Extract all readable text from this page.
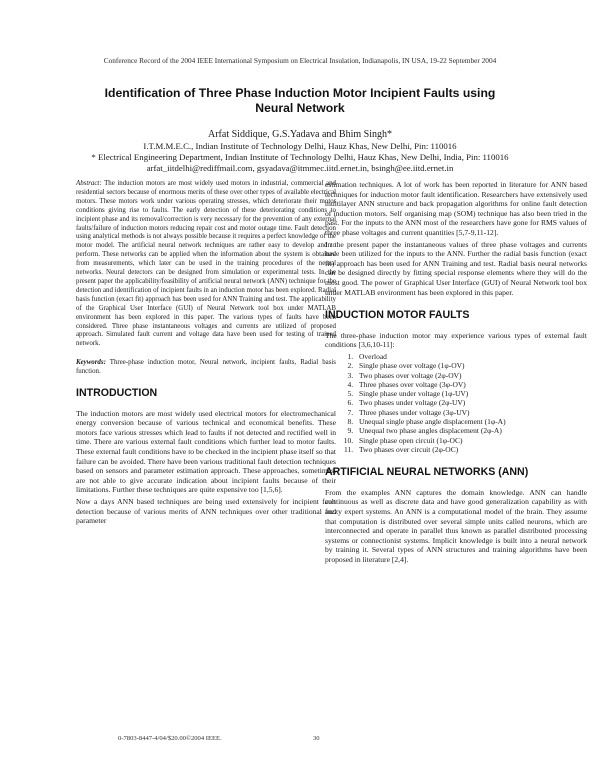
Conference Record of the 2004 IEEE International Symposium on Electrical Insulation, Indianapolis, IN USA, 19-22 September 2004
Identification of Three Phase Induction Motor Incipient Faults using Neural Network
Arfat Siddique, G.S.Yadava and Bhim Singh*
I.T.M.M.E.C., Indian Institute of Technology Delhi, Hauz Khas, New Delhi, Pin: 110016
* Electrical Engineering Department, Indian Institute of Technology Delhi, Hauz Khas, New Delhi, India, Pin: 110016
arfat_iitdelhi@rediffmail.com, gsyadava@itmmec.iitd.ernet.in, bsingh@ee.iitd.ernet.in

Abstract: The induction motors are most widely used motors in industrial, commercial and residential sectors because of enormous merits of these over other types of available electrical motors. These motors work under various operating stresses, which deteriorate their motor conditions giving rise to faults. The early detection of these deteriorating conditions to incipient phase and its removal/correction is very necessary for the prevention of any external faults/failure of induction motors reducing repair cost and motor outage time. Fault detection using analytical methods is not always possible because it requires a perfect knowledge of the motor model. The artificial neural network techniques are rather easy to develop and to perform. These networks can be applied when the information about the system is obtained from measurements, which later can be used in the training procedures of the neural networks. Neural detectors can be designed from simulation or experimental tests. In the present paper the applicability/feasibility of artificial neural network (ANN) technique for the detection and identification of incipient faults in an induction motor has been explored. Radial basis function (exact fit) approach has been used for ANN Training and test. The applicability of the Graphical User Interface (GUI) of Neural Network tool box under MATLAB environment has been explored in this paper. The various types of faults have been considered. Three phase instantaneous voltages and currents are utilized of proposed approach. Simulated fault current and voltage data have been used for testing of trained network.

Keywords: Three-phase induction motor, Neural network, incipient faults, Radial basis function.

INTRODUCTION

The induction motors are most widely used electrical motors for electromechanical energy conversion because of various technical and economical benefits. These motors face various stresses which lead to faults if not detected and rectified well in time. There are various external fault conditions which further lead to motor faults. These external fault conditions have to be checked in the incipient phase itself so that failure can be avoided. There have been various traditional fault detection techniques based on sensors and parameter estimation approach. These approaches, sometimes, are not able to give accurate indication about incipient faults because of their limitations. Further these techniques are quite expensive too [1,5,6].

Now a days ANN based techniques are being used extensively for incipient fault detection because of various merits of ANN techniques over other traditional and parameter

estimation techniques. A lot of work has been reported in literature for ANN based techniques for induction motor fault identification. Researchers have extensively used multilayer ANN structure and back propagation algorithms for online fault detection of induction motors. Self organising map (SOM) technique has also been tried in the past. For the inputs to the ANN most of the researchers have gone for RMS values of three phase voltages and current quantities [5,7-9,11-12].

In the present paper the instantaneous values of three phase voltages and currents have been utilized for the inputs to the ANN. Further the radial basis function (exact fit) approach has been used for ANN Training and test. Radial basis neural networks can be designed directly by fitting special response elements where they will do the most good. The power of Graphical User Interface (GUI) of Neural Network tool box under MATLAB environment has been explored in this paper.

INDUCTION MOTOR FAULTS

The three-phase induction motor may experience various types of external fault conditions [3,6,10-11]:

1. Overload
2. Single phase over voltage (1φ-OV)
3. Two phases over voltage (2φ-OV)
4. Three phases over voltage (3φ-OV)
5. Single phase under voltage (1φ-UV)
6. Two phases under voltage (2φ-UV)
7. Three phases under voltage (3φ-UV)
8. Unequal single phase angle displacement (1φ-A)
9. Unequal two phase angles displacement (2φ-A)
10. Single phase open circuit (1φ-OC)
11. Two phases over circuit (2φ-OC)
ARTIFICIAL NEURAL NETWORKS (ANN)

From the examples ANN captures the domain knowledge. ANN can handle continuous as well as discrete data and have good generalization capability as with fuzzy expert systems. An ANN is a computational model of the brain. They assume that computation is distributed over several simple units called neurons, which are interconnected and operate in parallel thus known as parallel distributed processing systems or connectionist systems. Implicit knowledge is built into a neural network by training it. Several types of ANN structures and training algorithms have been proposed in literature [2,4].

0-7803-8447-4/04/$20.00©2004 IEEE.	30
